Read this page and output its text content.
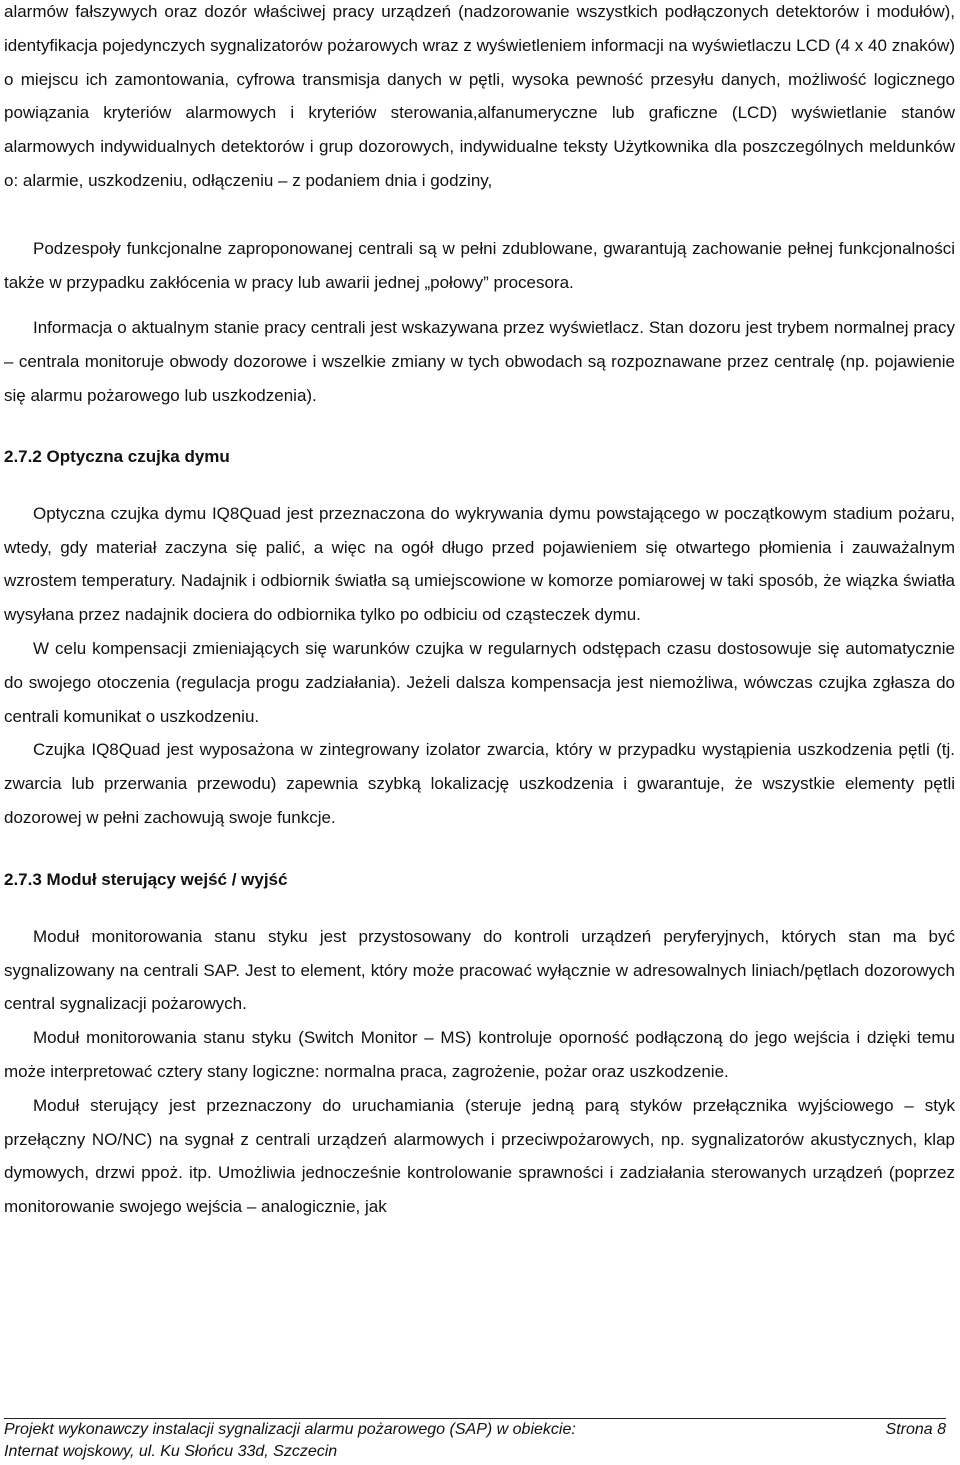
alarmów fałszywych oraz dozór właściwej pracy urządzeń (nadzorowanie wszystkich podłączonych detektorów i modułów), identyfikacja pojedynczych sygnalizatorów pożarowych wraz z wyświetleniem informacji na wyświetlaczu LCD (4 x 40 znaków) o miejscu ich zamontowania, cyfrowa transmisja danych w pętli, wysoka pewność przesyłu danych, możliwość logicznego powiązania kryteriów alarmowych i kryteriów sterowania,alfanumeryczne lub graficzne (LCD) wyświetlanie stanów alarmowych indywidualnych detektorów i grup dozorowych, indywidualne teksty Użytkownika dla poszczególnych meldunków o: alarmie, uszkodzeniu, odłączeniu – z podaniem dnia i godziny,

Podzespoły funkcjonalne zaproponowanej centrali są w pełni zdublowane, gwarantują zachowanie pełnej funkcjonalności także w przypadku zakłócenia w pracy lub awarii jednej „połowy” procesora.

Informacja o aktualnym stanie pracy centrali jest wskazywana przez wyświetlacz. Stan dozoru jest trybem normalnej pracy – centrala monitoruje obwody dozorowe i wszelkie zmiany w tych obwodach są rozpoznawane przez centralę (np. pojawienie się alarmu pożarowego lub uszkodzenia).

2.7.2 Optyczna czujka dymu

Optyczna czujka dymu IQ8Quad jest przeznaczona do wykrywania dymu powstającego w początkowym stadium pożaru, wtedy, gdy materiał zaczyna się palić, a więc na ogół długo przed pojawieniem się otwartego płomienia i zauważalnym wzrostem temperatury. Nadajnik i odbiornik światła są umiejscowione w komorze pomiarowej w taki sposób, że wiązka światła wysyłana przez nadajnik dociera do odbiornika tylko po odbiciu od cząsteczek dymu.

W celu kompensacji zmieniających się warunków czujka w regularnych odstępach czasu dostosowuje się automatycznie do swojego otoczenia (regulacja progu zadziałania). Jeżeli dalsza kompensacja jest niemożliwa, wówczas czujka zgłasza do centrali komunikat o uszkodzeniu.

Czujka IQ8Quad jest wyposażona w zintegrowany izolator zwarcia, który w przypadku wystąpienia uszkodzenia pętli (tj. zwarcia lub przerwania przewodu) zapewnia szybką lokalizację uszkodzenia i gwarantuje, że wszystkie elementy pętli dozorowej w pełni zachowują swoje funkcje.

2.7.3 Moduł sterujący wejść / wyjść

Moduł monitorowania stanu styku jest przystosowany do kontroli urządzeń peryferyjnych, których stan ma być sygnalizowany na centrali SAP. Jest to element, który może pracować wyłącznie w adresowalnych liniach/pętlach dozorowych central sygnalizacji pożarowych.

Moduł monitorowania stanu styku (Switch Monitor – MS) kontroluje oporność podłączoną do jego wejścia i dzięki temu może interpretować cztery stany logiczne: normalna praca, zagrożenie, pożar oraz uszkodzenie.

Moduł sterujący jest przeznaczony do uruchamiania (steruje jedną parą styków przełącznika wyjściowego – styk przełączny NO/NC) na sygnał z centrali urządzeń alarmowych i przeciwpożarowych, np. sygnalizatorów akustycznych, klap dymowych, drzwi ppoż. itp. Umożliwia jednocześnie kontrolowanie sprawności i zadziałania sterowanych urządzeń (poprzez monitorowanie swojego wejścia – analogicznie, jak

Projekt wykonawczy instalacji sygnalizacji alarmu pożarowego (SAP) w obiekcie:	Strona 8
Internat wojskowy, ul. Ku Słońcu 33d, Szczecin
